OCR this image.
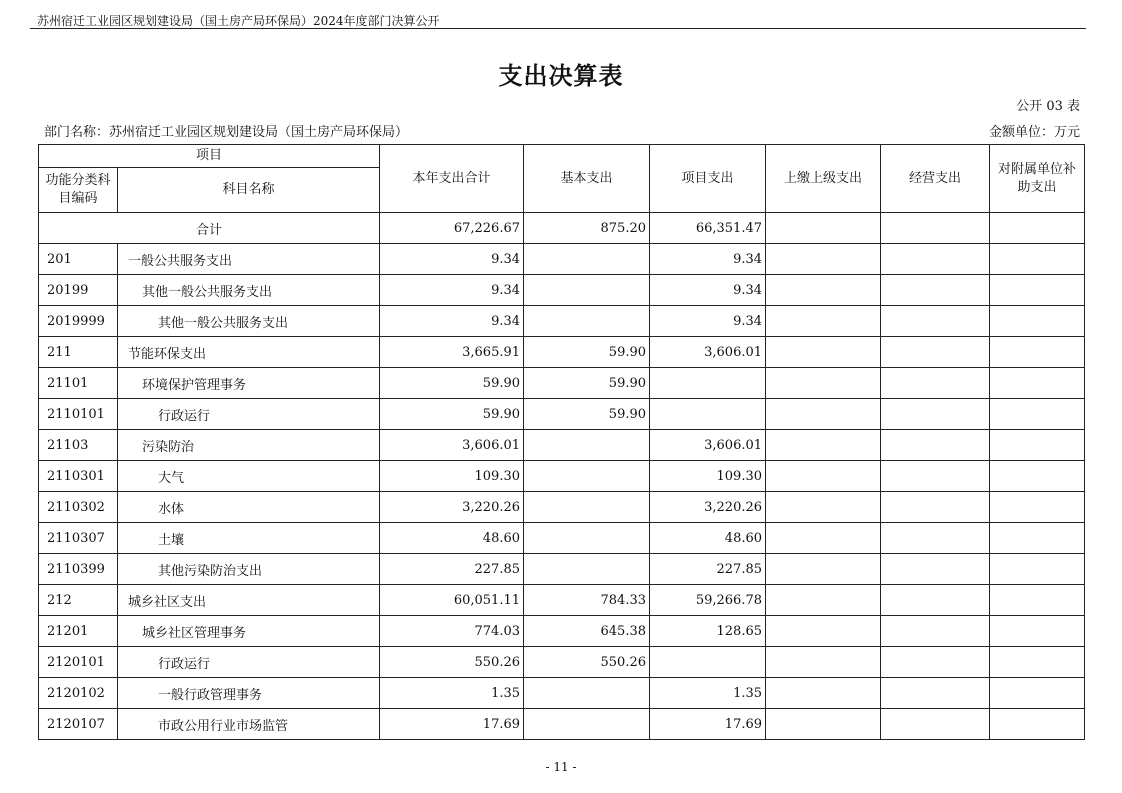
苏州宿迁工业园区规划建设局（国土房产局环保局）2024年度部门决算公开
支出决算表
公开 03 表
部门名称：苏州宿迁工业园区规划建设局（国土房产局环保局）	金额单位：万元
项目		本年支出合计	基本支出	项目支出	上缴上级支出	经营支出	对附属单位补助支出
功能分类科目编码	科目名称						
合计		67,226.67	875.20	66,351.47			
201	一般公共服务支出	9.34		9.34			
20199	其他一般公共服务支出	9.34		9.34			
2019999	其他一般公共服务支出	9.34		9.34			
211	节能环保支出	3,665.91	59.90	3,606.01			
21101	环境保护管理事务	59.90	59.90				
2110101	行政运行	59.90	59.90				
21103	污染防治	3,606.01		3,606.01			
2110301	大气	109.30		109.30			
2110302	水体	3,220.26		3,220.26			
2110307	土壤	48.60		48.60			
2110399	其他污染防治支出	227.85		227.85			
212	城乡社区支出	60,051.11	784.33	59,266.78			
21201	城乡社区管理事务	774.03	645.38	128.65			
2120101	行政运行	550.26	550.26				
2120102	一般行政管理事务	1.35		1.35			
2120107	市政公用行业市场监管	17.69		17.69			
- 11 -
